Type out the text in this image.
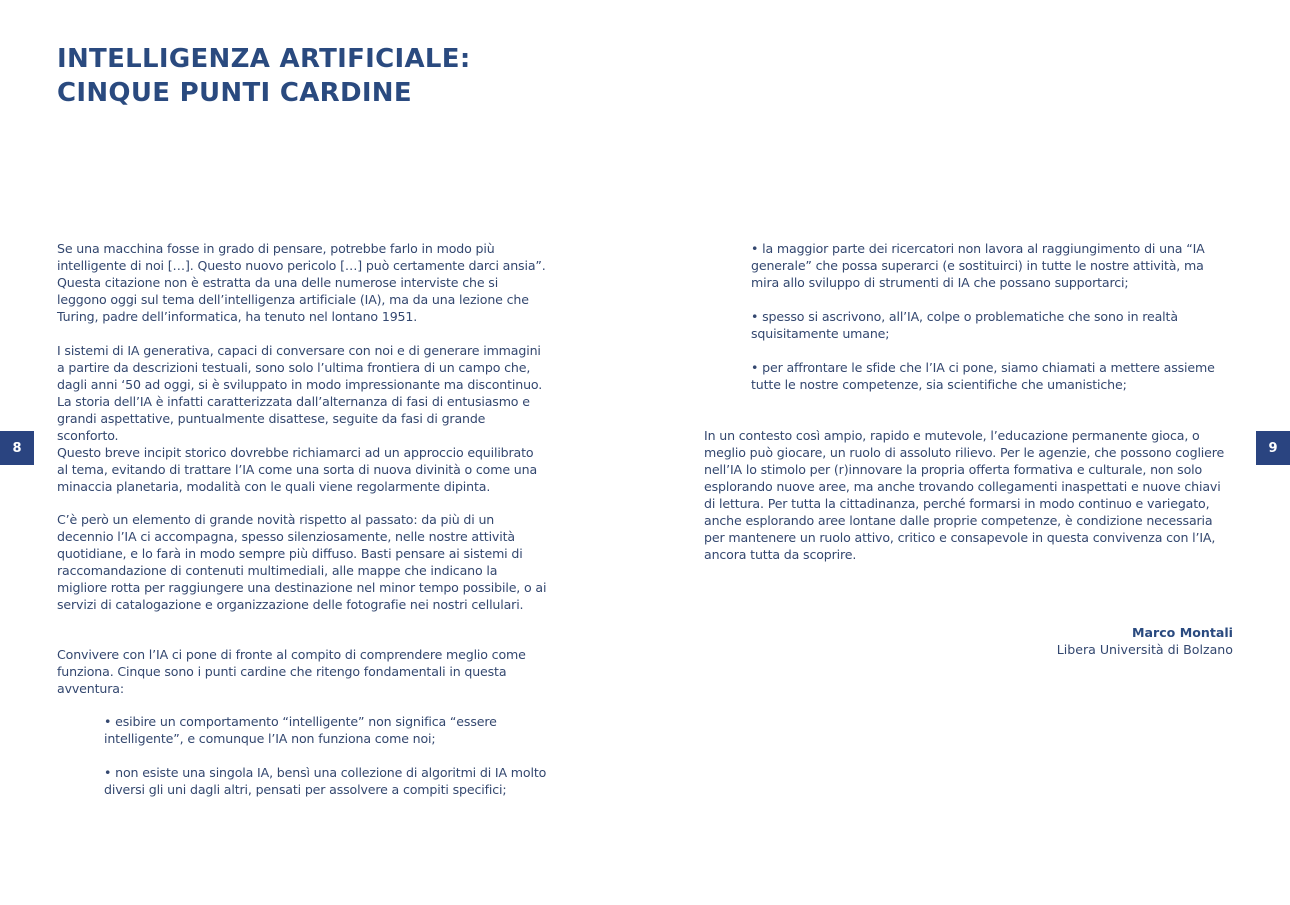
INTELLIGENZA ARTIFICIALE: CINQUE PUNTI CARDINE

Se una macchina fosse in grado di pensare, potrebbe farlo in modo più intelligente di noi […]. Questo nuovo pericolo […] può certamente darci ansia”. Questa citazione non è estratta da una delle numerose interviste che si leggono oggi sul tema dell’intelligenza artificiale (IA), ma da una lezione che Turing, padre dell’informatica, ha tenuto nel lontano 1951.

I sistemi di IA generativa, capaci di conversare con noi e di generare immagini a partire da descrizioni testuali, sono solo l’ultima frontiera di un campo che, dagli anni ‘50 ad oggi, si è sviluppato in modo impressionante ma discontinuo. La storia dell’IA è infatti caratterizzata dall’alternanza di fasi di entusiasmo e grandi aspettative, puntualmente disattese, seguite da fasi di grande sconforto.

Questo breve incipit storico dovrebbe richiamarci ad un approccio equilibrato al tema, evitando di trattare l’IA come una sorta di nuova divinità o come una minaccia planetaria, modalità con le quali viene regolarmente dipinta.

C’è però un elemento di grande novità rispetto al passato: da più di un decennio l’IA ci accompagna, spesso silenziosamente, nelle nostre attività quotidiane, e lo farà in modo sempre più diffuso. Basti pensare ai sistemi di raccomandazione di contenuti multimediali, alle mappe che indicano la migliore rotta per raggiungere una destinazione nel minor tempo possibile, o ai servizi di catalogazione e organizzazione delle fotografie nei nostri cellulari.

Convivere con l’IA ci pone di fronte al compito di comprendere meglio come funziona. Cinque sono i punti cardine che ritengo fondamentali in questa avventura:

• esibire un comportamento “intelligente” non significa “essere intelligente”, e comunque l’IA non funziona come noi;

• non esiste una singola IA, bensì una collezione di algoritmi di IA molto diversi gli uni dagli altri, pensati per assolvere a compiti specifici;

• la maggior parte dei ricercatori non lavora al raggiungimento di una “IA generale” che possa superarci (e sostituirci) in tutte le nostre attività, ma mira allo sviluppo di strumenti di IA che possano supportarci;

• spesso si ascrivono, all’IA, colpe o problematiche che sono in realtà squisitamente umane;

• per affrontare le sfide che l’IA ci pone, siamo chiamati a mettere assieme tutte le nostre competenze, sia scientifiche che umanistiche;

In un contesto così ampio, rapido e mutevole, l’educazione permanente gioca, o meglio può giocare, un ruolo di assoluto rilievo. Per le agenzie, che possono cogliere nell’IA lo stimolo per (r)innovare la propria offerta formativa e culturale, non solo esplorando nuove aree, ma anche trovando collegamenti inaspettati e nuove chiavi di lettura. Per tutta la cittadinanza, perché formarsi in modo continuo e variegato, anche esplorando aree lontane dalle proprie competenze, è condizione necessaria per mantenere un ruolo attivo, critico e consapevole in questa convivenza con l’IA, ancora tutta da scoprire.

8	9
Marco Montali
Libera Università di Bolzano
